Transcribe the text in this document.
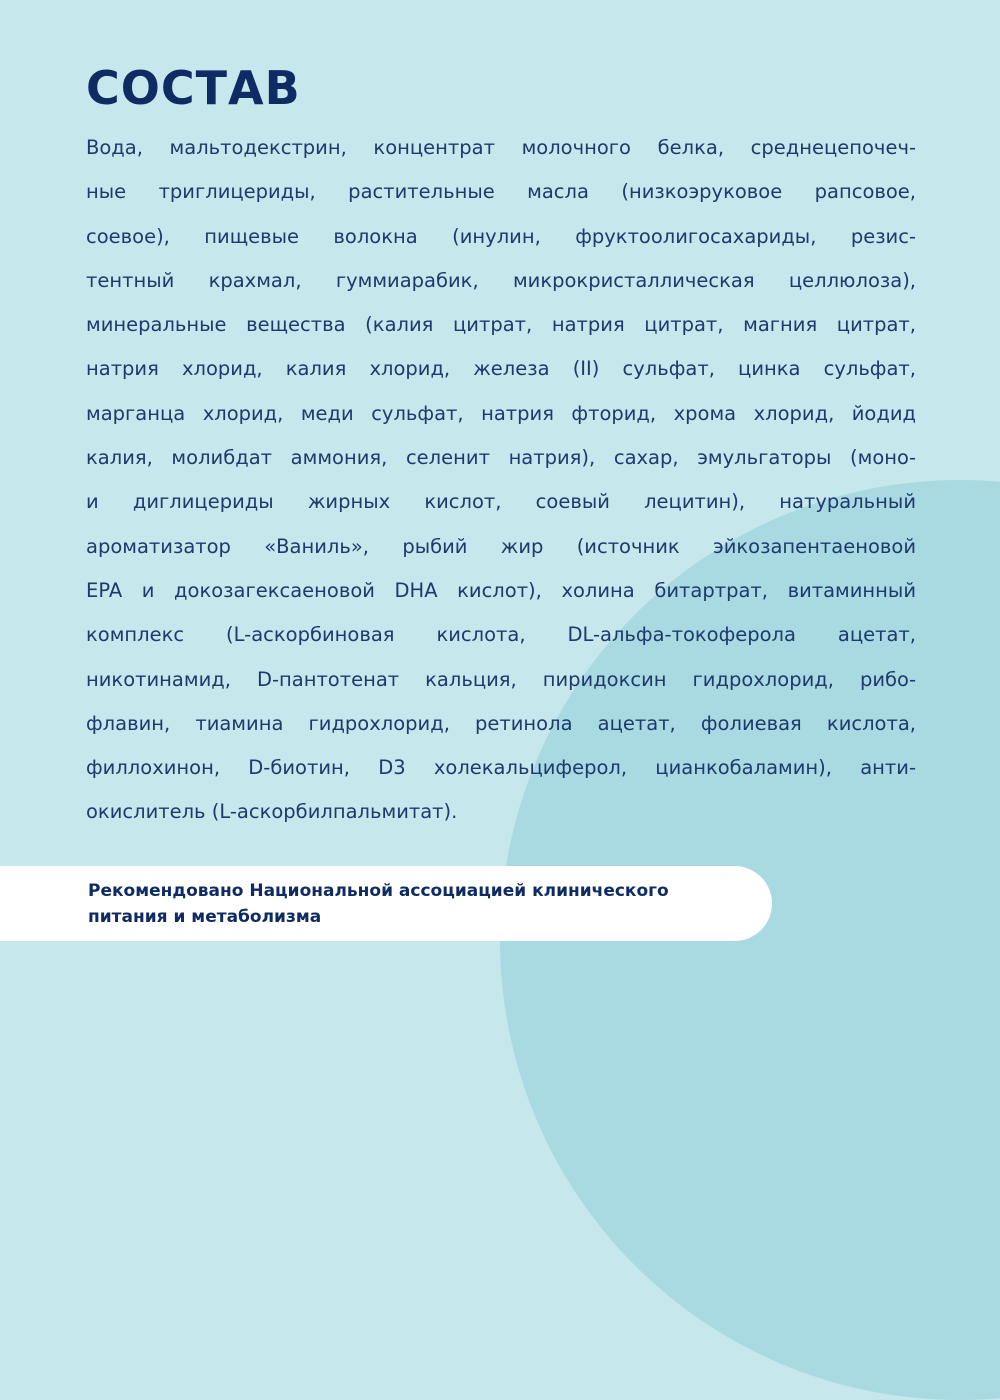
СОСТАВ
Вода, мальтодекстрин, концентрат молочного белка, среднецепочеч-
ные триглицериды, растительные масла (низкоэруковое рапсовое,
соевое), пищевые волокна (инулин, фруктоолигосахариды, резис-
тентный крахмал, гуммиарабик, микрокристаллическая целлюлоза),
минеральные вещества (калия цитрат, натрия цитрат, магния цитрат,
натрия хлорид, калия хлорид, железа (II) сульфат, цинка сульфат,
марганца хлорид, меди сульфат, натрия фторид, хрома хлорид, йодид
калия, молибдат аммония, селенит натрия), сахар, эмульгаторы (моно-
и диглицериды жирных кислот, соевый лецитин), натуральный
ароматизатор «Ваниль», рыбий жир (источник эйкозапентаеновой
EPA и докозагексаеновой DHA кислот), холина битартрат, витаминный
комплекс (L-аскорбиновая кислота, DL-альфа-токоферола ацетат,
никотинамид, D-пантотенат кальция, пиридоксин гидрохлорид, рибо-
флавин, тиамина гидрохлорид, ретинола ацетат, фолиевая кислота,
филлохинон, D-биотин, D3 холекальциферол, цианкобаламин), анти-
окислитель (L-аскорбилпальмитат).

Рекомендовано Национальной ассоциацией клинического
питания и метаболизма
